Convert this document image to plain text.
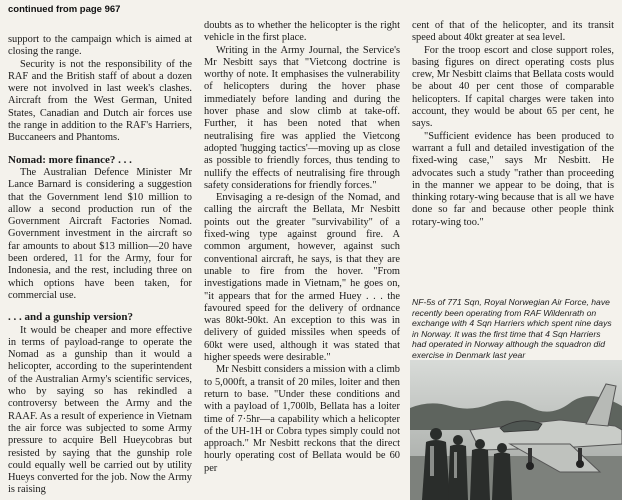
continued from page 967

support to the campaign which is aimed at closing the range.

Security is not the responsibility of the RAF and the British staff of about a dozen were not involved in last week's clashes. Aircraft from the West German, United States, Canadian and Dutch air forces use the range in addition to the RAF's Harriers, Buccaneers and Phantoms.

Nomad: more finance? . . .

The Australian Defence Minister Mr Lance Barnard is considering a suggestion that the Government lend $10 million to allow a second production run of the Government Aircraft Factories Nomad. Government investment in the aircraft so far amounts to about $13 million—20 have been ordered, 11 for the Army, four for Indonesia, and the rest, including three on which options have been taken, for commercial use.

. . . and a gunship version?

It would be cheaper and more effective in terms of payload-range to operate the Nomad as a gunship than it would a helicopter, according to the superintendent of the Australian Army's scientific services, who by saying so has rekindled a controversy between the Army and the RAAF. As a result of experience in Vietnam the air force was subjected to some Army pressure to acquire Bell Hueycobras but resisted by saying that the gunship role could equally well be carried out by utility Hueys converted for the job. Now the Army is raising

doubts as to whether the helicopter is the right vehicle in the first place.

Writing in the Army Journal, the Service's Mr Nesbitt says that "Vietcong doctrine is worthy of note. It emphasises the vulnerability of helicopters during the hover phase immediately before landing and during the hover phase and slow climb at take-off. Further, it has been noted that when neutralising fire was applied the Vietcong adopted 'hugging tactics'—moving up as close as possible to friendly forces, thus tending to nullify the effects of neutralising fire through safety considerations for friendly forces."

Envisaging a re-design of the Nomad, and calling the aircraft the Bellata, Mr Nesbitt points out the greater "survivability" of a fixed-wing type against ground fire. A common argument, however, against such conventional aircraft, he says, is that they are unable to fire from the hover. "From investigations made in Vietnam," he goes on, "it appears that for the armed Huey . . . the favoured speed for the delivery of ordnance was 80kt-90kt. An exception to this was in delivery of guided missiles when speeds of 60kt were used, although it was stated that higher speeds were desirable."

Mr Nesbitt considers a mission with a climb to 5,000ft, a transit of 20 miles, loiter and then return to base. "Under these conditions and with a payload of 1,700lb, Bellata has a loiter time of 7·5hr—a capability which a helicopter of the UH-1H or Cobra types simply could not approach." Mr Nesbitt reckons that the direct hourly operating cost of Bellata would be 60 per

cent of that of the helicopter, and its transit speed about 40kt greater at sea level.

For the troop escort and close support roles, basing figures on direct operating costs plus crew, Mr Nesbitt claims that Bellata costs would be about 40 per cent those of comparable helicopters. If capital charges were taken into account, they would be about 65 per cent, he says.

"Sufficient evidence has been produced to warrant a full and detailed investigation of the fixed-wing case," says Mr Nesbitt. He advocates such a study "rather than proceeding in the manner we appear to be doing, that is thinking rotary-wing because that is all we have done so far and because other people think rotary-wing too."

NF-5s of 771 Sqn, Royal Norwegian Air Force, have recently been operating from RAF Wildenrath on exchange with 4 Sqn Harriers which spent nine days in Norway. It was the first time that 4 Sqn Harriers had operated in Norway although the squadron did exercise in Denmark last year
